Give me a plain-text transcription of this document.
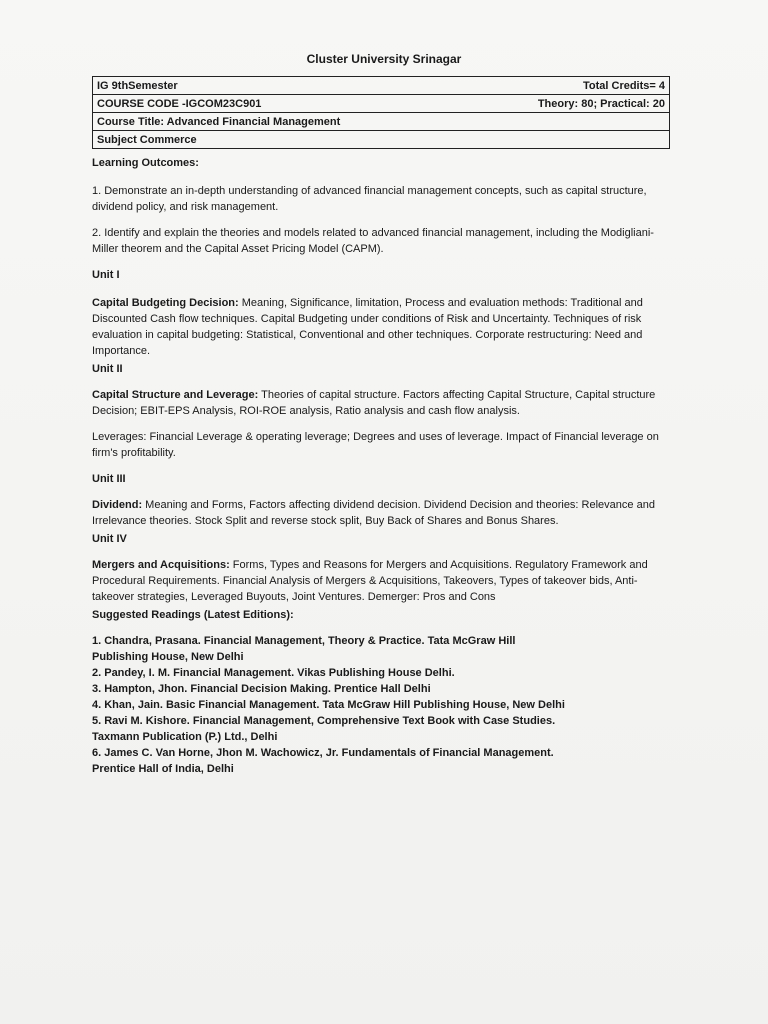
Cluster University Srinagar
IG 9thSemester	Total Credits= 4
COURSE CODE -IGCOM23C901	Theory: 80; Practical: 20
Course Title: Advanced Financial Management	
Subject Commerce	

Learning Outcomes:

1. Demonstrate an in-depth understanding of advanced financial management concepts, such as capital structure, dividend policy, and risk management.

2. Identify and explain the theories and models related to advanced financial management, including the Modigliani-Miller theorem and the Capital Asset Pricing Model (CAPM).

Unit I

Capital Budgeting Decision: Meaning, Significance, limitation, Process and evaluation methods: Traditional and Discounted Cash flow techniques. Capital Budgeting under conditions of Risk and Uncertainty. Techniques of risk evaluation in capital budgeting: Statistical, Conventional and other techniques. Corporate restructuring: Need and Importance.

Unit II

Capital Structure and Leverage: Theories of capital structure. Factors affecting Capital Structure, Capital structure Decision; EBIT-EPS Analysis, ROI-ROE analysis, Ratio analysis and cash flow analysis.

Leverages: Financial Leverage & operating leverage; Degrees and uses of leverage. Impact of Financial leverage on firm's profitability.

Unit III

Dividend: Meaning and Forms, Factors affecting dividend decision. Dividend Decision and theories: Relevance and Irrelevance theories. Stock Split and reverse stock split, Buy Back of Shares and Bonus Shares.

Unit IV

Mergers and Acquisitions: Forms, Types and Reasons for Mergers and Acquisitions. Regulatory Framework and Procedural Requirements. Financial Analysis of Mergers & Acquisitions, Takeovers, Types of takeover bids, Anti-takeover strategies, Leveraged Buyouts, Joint Ventures. Demerger: Pros and Cons

Suggested Readings (Latest Editions):

1. Chandra, Prasana. Financial Management, Theory & Practice. Tata McGraw Hill Publishing House, New Delhi
2. Pandey, I. M. Financial Management. Vikas Publishing House Delhi.
3. Hampton, Jhon. Financial Decision Making. Prentice Hall Delhi
4. Khan, Jain. Basic Financial Management. Tata McGraw Hill Publishing House, New Delhi
5. Ravi M. Kishore. Financial Management, Comprehensive Text Book with Case Studies. Taxmann Publication (P.) Ltd., Delhi
6. James C. Van Horne, Jhon M. Wachowicz, Jr. Fundamentals of Financial Management. Prentice Hall of India, Delhi
